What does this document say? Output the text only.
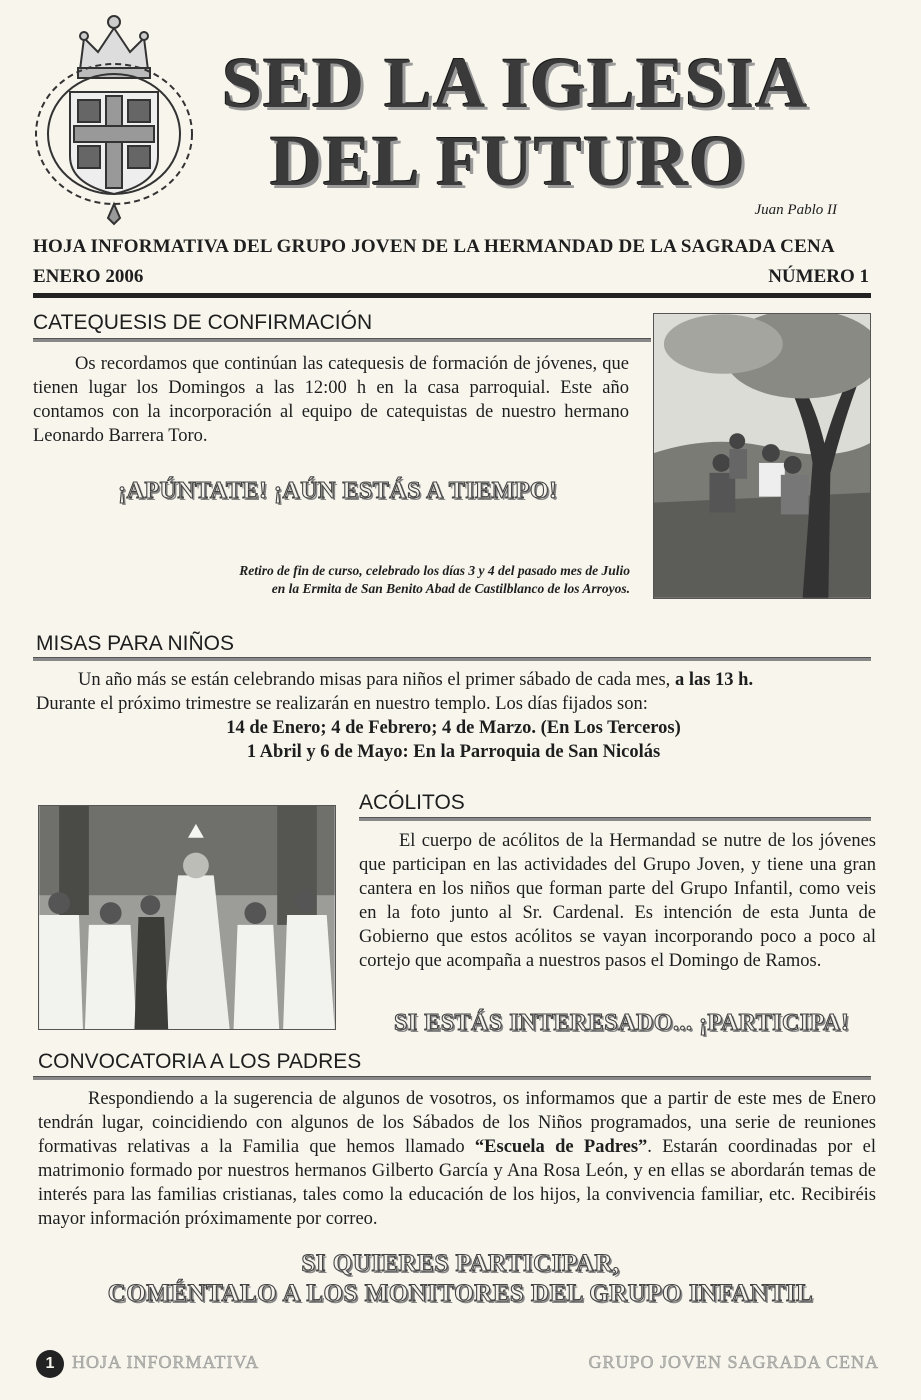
SED LA IGLESIA
DEL FUTURO
Juan Pablo II
HOJA INFORMATIVA DEL GRUPO JOVEN DE LA HERMANDAD DE LA SAGRADA CENA
ENERO 2006	NÚMERO 1
CATEQUESIS DE CONFIRMACIÓN
Os recordamos que continúan las catequesis de formación de jóvenes, que tienen lugar los Domingos a las 12:00 h en la casa parroquial. Este año contamos con la incorporación al equipo de catequistas de nuestro hermano Leonardo Barrera Toro.
¡APÚNTATE! ¡AÚN ESTÁS A TIEMPO!
Retiro de fin de curso, celebrado los días 3 y 4 del pasado mes de Julio
en la Ermita de San Benito Abad de Castilblanco de los Arroyos.
MISAS PARA NIÑOS
Un año más se están celebrando misas para niños el primer sábado de cada mes, a las 13 h.
Durante el próximo trimestre se realizarán en nuestro templo. Los días fijados son:
14 de Enero; 4 de Febrero; 4 de Marzo. (En Los Terceros)
1 Abril y 6 de Mayo: En la Parroquia de San Nicolás
ACÓLITOS
El cuerpo de acólitos de la Hermandad se nutre de los jóvenes que participan en las actividades del Grupo Joven, y tiene una gran cantera en los niños que forman parte del Grupo Infantil, como veis en la foto junto al Sr. Cardenal. Es intención de esta Junta de Gobierno que estos acólitos se vayan incorporando poco a poco al cortejo que acompaña a nuestros pasos el Domingo de Ramos.
SI ESTÁS INTERESADO... ¡PARTICIPA!
CONVOCATORIA A LOS PADRES
Respondiendo a la sugerencia de algunos de vosotros, os informamos que a partir de este mes de Enero tendrán lugar, coincidiendo con algunos de los Sábados de los Niños programados, una serie de reuniones formativas relativas a la Familia que hemos llamado “Escuela de Padres”. Estarán coordinadas por el matrimonio formado por nuestros hermanos Gilberto García y Ana Rosa León, y en ellas se abordarán temas de interés para las familias cristianas, tales como la educación de los hijos, la convivencia familiar, etc. Recibiréis mayor información próximamente por correo.
SI QUIERES PARTICIPAR,
COMÉNTALO A LOS MONITORES DEL GRUPO INFANTIL
1 HOJA INFORMATIVA	GRUPO JOVEN SAGRADA CENA
